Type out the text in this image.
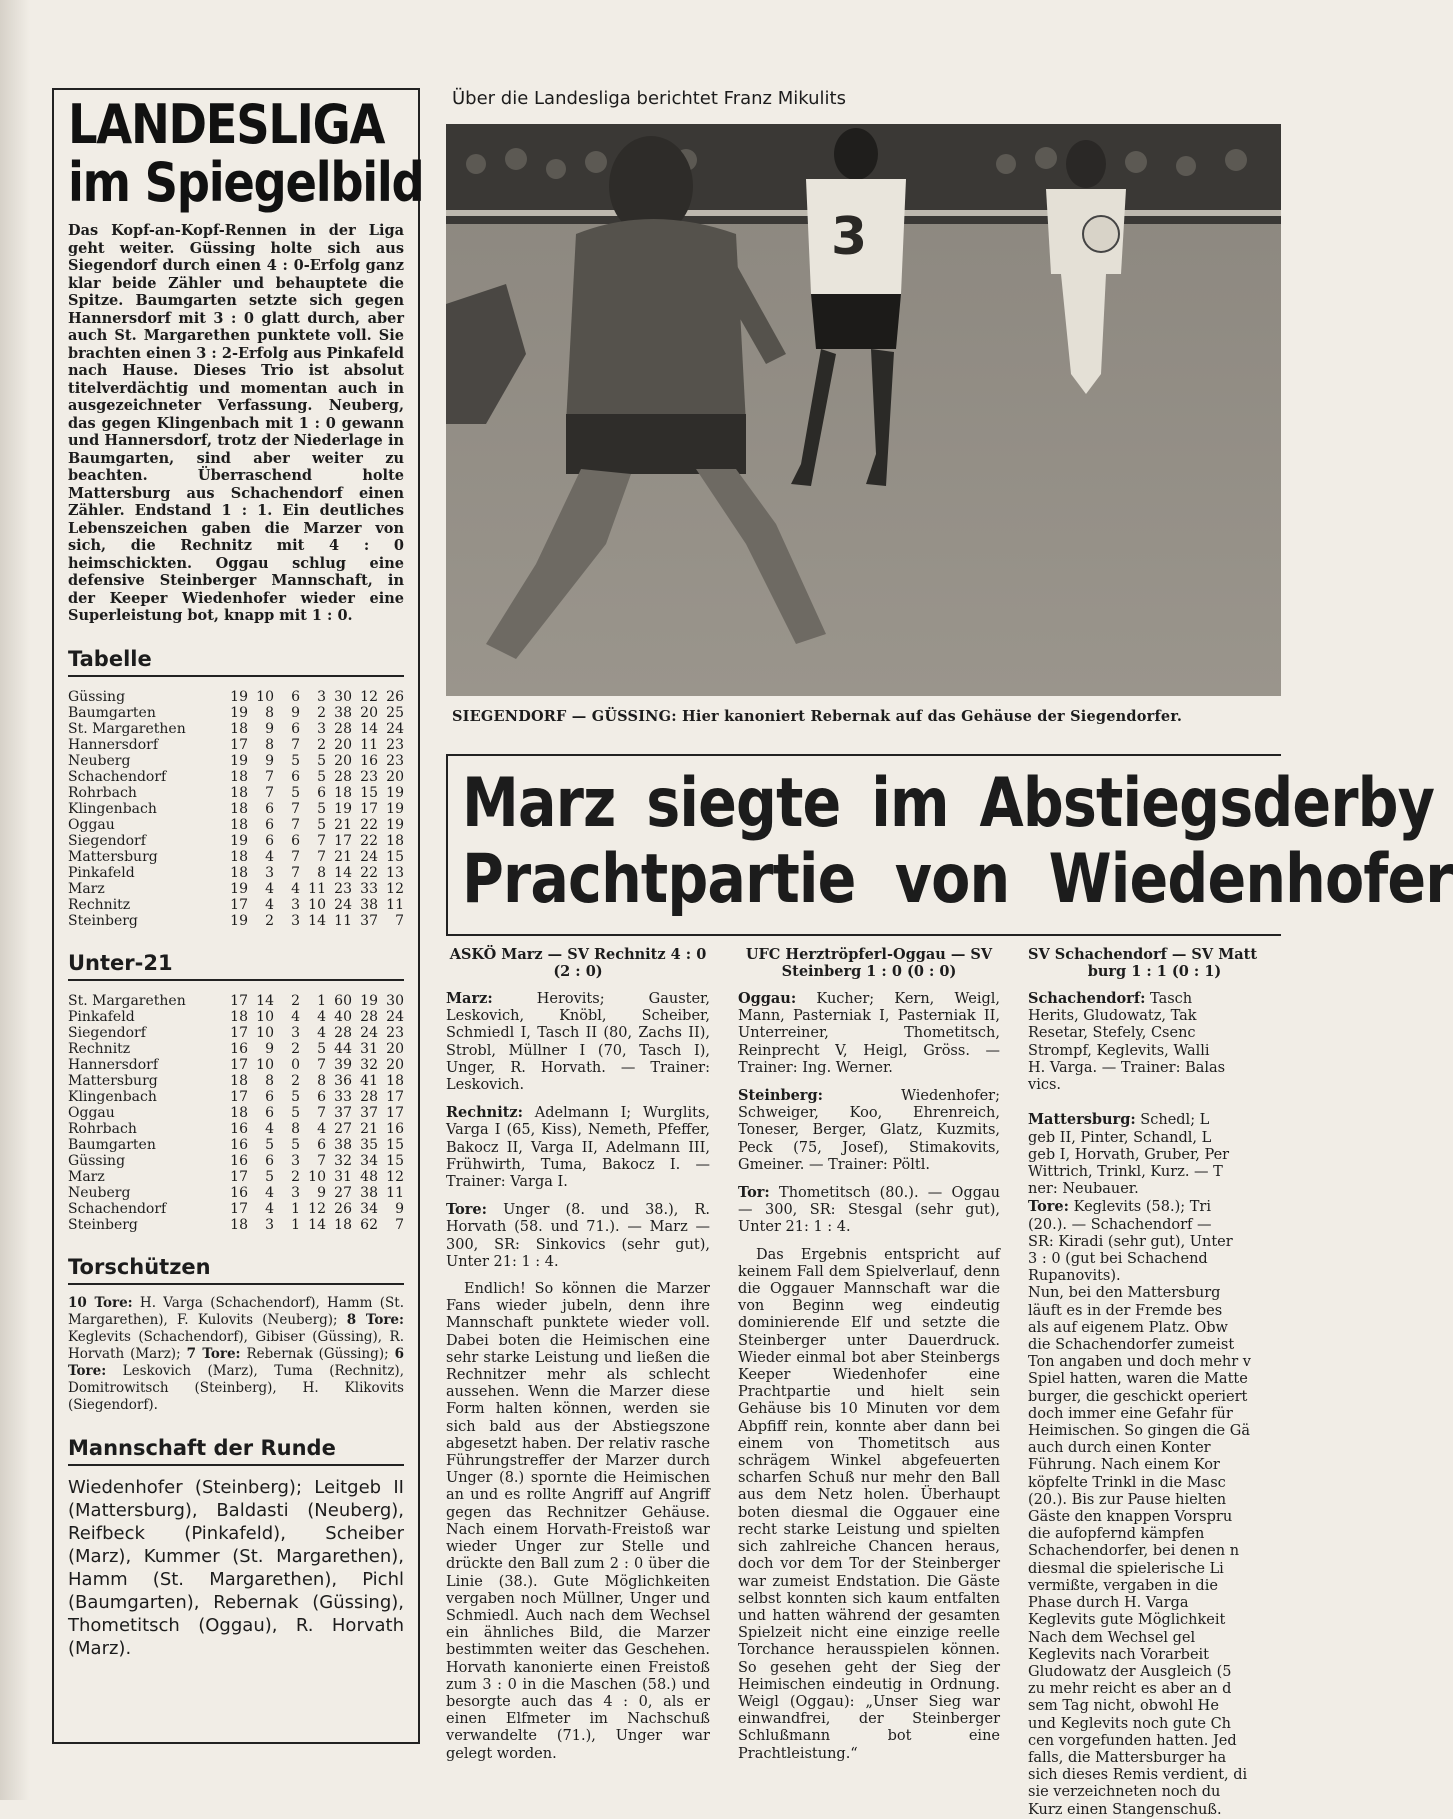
LANDESLIGA
im Spiegelbild
Das Kopf-an-Kopf-Rennen in der Liga geht weiter. Güssing holte sich aus Siegendorf durch einen 4 : 0-Erfolg ganz klar beide Zähler und behauptete die Spitze. Baumgarten setzte sich gegen Hannersdorf mit 3 : 0 glatt durch, aber auch St. Margarethen punktete voll. Sie brachten einen 3 : 2-Erfolg aus Pinkafeld nach Hause. Dieses Trio ist absolut titelverdächtig und momentan auch in ausgezeichneter Verfassung. Neuberg, das gegen Klingenbach mit 1 : 0 gewann und Hannersdorf, trotz der Niederlage in Baumgarten, sind aber weiter zu beachten. Überraschend holte Mattersburg aus Schachendorf einen Zähler. Endstand 1 : 1. Ein deutliches Lebenszeichen gaben die Marzer von sich, die Rechnitz mit 4 : 0 heimschickten. Oggau schlug eine defensive Steinberger Mannschaft, in der Keeper Wiedenhofer wieder eine Superleistung bot, knapp mit 1 : 0.
Tabelle
Güssing	19	10	6	3	30	12	26
Baumgarten	19	8	9	2	38	20	25
St. Margarethen	18	9	6	3	28	14	24
Hannersdorf	17	8	7	2	20	11	23
Neuberg	19	9	5	5	20	16	23
Schachendorf	18	7	6	5	28	23	20
Rohrbach	18	7	5	6	18	15	19
Klingenbach	18	6	7	5	19	17	19
Oggau	18	6	7	5	21	22	19
Siegendorf	19	6	6	7	17	22	18
Mattersburg	18	4	7	7	21	24	15
Pinkafeld	18	3	7	8	14	22	13
Marz	19	4	4	11	23	33	12
Rechnitz	17	4	3	10	24	38	11
Steinberg	19	2	3	14	11	37	7
Unter-21
St. Margarethen	17	14	2	1	60	19	30
Pinkafeld	18	10	4	4	40	28	24
Siegendorf	17	10	3	4	28	24	23
Rechnitz	16	9	2	5	44	31	20
Hannersdorf	17	10	0	7	39	32	20
Mattersburg	18	8	2	8	36	41	18
Klingenbach	17	6	5	6	33	28	17
Oggau	18	6	5	7	37	37	17
Rohrbach	16	4	8	4	27	21	16
Baumgarten	16	5	5	6	38	35	15
Güssing	16	6	3	7	32	34	15
Marz	17	5	2	10	31	48	12
Neuberg	16	4	3	9	27	38	11
Schachendorf	17	4	1	12	26	34	9
Steinberg	18	3	1	14	18	62	7
Torschützen
10 Tore: H. Varga (Schachendorf), Hamm (St. Margarethen), F. Kulovits (Neuberg); 8 Tore: Keglevits (Schachendorf), Gibiser (Güssing), R. Horvath (Marz); 7 Tore: Rebernak (Güssing); 6 Tore: Leskovich (Marz), Tuma (Rechnitz), Domitrowitsch (Steinberg), H. Klikovits (Siegendorf).
Mannschaft der Runde
Wiedenhofer (Steinberg); Leitgeb II (Mattersburg), Baldasti (Neuberg), Reifbeck (Pinkafeld), Scheiber (Marz), Kummer (St. Margarethen), Hamm (St. Margarethen), Pichl (Baumgarten), Rebernak (Güssing), Thometitsch (Oggau), R. Horvath (Marz).
Über die Landesliga berichtet Franz Mikulits
3
SIEGENDORF — GÜSSING: Hier kanoniert Rebernak auf das Gehäuse der Siegendorfer.
Marz siegte im Abstiegsderby
Prachtpartie von Wiedenhofer
ASKÖ Marz — SV Rechnitz 4 : 0
(2 : 0)

Marz: Herovits; Gauster, Leskovich, Knöbl, Scheiber, Schmiedl I, Tasch II (80, Zachs II), Strobl, Müllner I (70, Tasch I), Unger, R. Horvath. — Trainer: Leskovich.

Rechnitz: Adelmann I; Wurglits, Varga I (65, Kiss), Nemeth, Pfeffer, Bakocz II, Varga II, Adelmann III, Frühwirth, Tuma, Bakocz I. — Trainer: Varga I.

Tore: Unger (8. und 38.), R. Horvath (58. und 71.). — Marz — 300, SR: Sinkovics (sehr gut), Unter 21: 1 : 4.

Endlich! So können die Marzer Fans wieder jubeln, denn ihre Mannschaft punktete wieder voll. Dabei boten die Heimischen eine sehr starke Leistung und ließen die Rechnitzer mehr als schlecht aussehen. Wenn die Marzer diese Form halten können, werden sie sich bald aus der Abstiegszone abgesetzt haben. Der relativ rasche Führungstreffer der Marzer durch Unger (8.) spornte die Heimischen an und es rollte Angriff auf Angriff gegen das Rechnitzer Gehäuse. Nach einem Horvath-Freistoß war wieder Unger zur Stelle und drückte den Ball zum 2 : 0 über die Linie (38.). Gute Möglichkeiten vergaben noch Müllner, Unger und Schmiedl. Auch nach dem Wechsel ein ähnliches Bild, die Marzer bestimmten weiter das Geschehen. Horvath kanonierte einen Freistoß zum 3 : 0 in die Maschen (58.) und besorgte auch das 4 : 0, als er einen Elfmeter im Nachschuß verwandelte (71.), Unger war gelegt worden.

UFC Herztröpferl-Oggau — SV Steinberg 1 : 0 (0 : 0)

Oggau: Kucher; Kern, Weigl, Mann, Pasterniak I, Pasterniak II, Unterreiner, Thometitsch, Reinprecht V, Heigl, Gröss. — Trainer: Ing. Werner.

Steinberg: Wiedenhofer; Schweiger, Koo, Ehrenreich, Toneser, Berger, Glatz, Kuzmits, Peck (75, Josef), Stimakovits, Gmeiner. — Trainer: Pöltl.

Tor: Thometitsch (80.). — Oggau — 300, SR: Stesgal (sehr gut), Unter 21: 1 : 4.

Das Ergebnis entspricht auf keinem Fall dem Spielverlauf, denn die Oggauer Mannschaft war die von Beginn weg eindeutig dominierende Elf und setzte die Steinberger unter Dauerdruck. Wieder einmal bot aber Steinbergs Keeper Wiedenhofer eine Prachtpartie und hielt sein Gehäuse bis 10 Minuten vor dem Abpfiff rein, konnte aber dann bei einem von Thometitsch aus schrägem Winkel abgefeuerten scharfen Schuß nur mehr den Ball aus dem Netz holen. Überhaupt boten diesmal die Oggauer eine recht starke Leistung und spielten sich zahlreiche Chancen heraus, doch vor dem Tor der Steinberger war zumeist Endstation. Die Gäste selbst konnten sich kaum entfalten und hatten während der gesamten Spielzeit nicht eine einzige reelle Torchance herausspielen können. So gesehen geht der Sieg der Heimischen eindeutig in Ordnung. Weigl (Oggau): „Unser Sieg war einwandfrei, der Steinberger Schlußmann bot eine Prachtleistung.“

SV Schachendorf — SV Matt
burg 1 : 1 (0 : 1)
Schachendorf: Tasch
Herits, Gludowatz, Tak
Resetar, Stefely, Csenc
Strompf, Keglevits, Walli
H. Varga. — Trainer: Balas
vics.
Mattersburg: Schedl; L
geb II, Pinter, Schandl, L
geb I, Horvath, Gruber, Per
Wittrich, Trinkl, Kurz. — T
ner: Neubauer.
Tore: Keglevits (58.); Tri
(20.). — Schachendorf —
SR: Kiradi (sehr gut), Unter
3 : 0 (gut bei Schachend
Rupanovits).
Nun, bei den Mattersburg
läuft es in der Fremde bes
als auf eigenem Platz. Obw
die Schachendorfer zumeist
Ton angaben und doch mehr v
Spiel hatten, waren die Matte
burger, die geschickt operiert
doch immer eine Gefahr für
Heimischen. So gingen die Gä
auch durch einen Konter
Führung. Nach einem Kor
köpfelte Trinkl in die Masc
(20.). Bis zur Pause hielten
Gäste den knappen Vorspru
die aufopfernd kämpfen
Schachendorfer, bei denen n
diesmal die spielerische Li
vermißte, vergaben in die
Phase durch H. Varga
Keglevits gute Möglichkeit
Nach dem Wechsel gel
Keglevits nach Vorarbeit
Gludowatz der Ausgleich (5
zu mehr reicht es aber an d
sem Tag nicht, obwohl He
und Keglevits noch gute Ch
cen vorgefunden hatten. Jed
falls, die Mattersburger ha
sich dieses Remis verdient, di
sie verzeichneten noch du
Kurz einen Stangenschuß.
